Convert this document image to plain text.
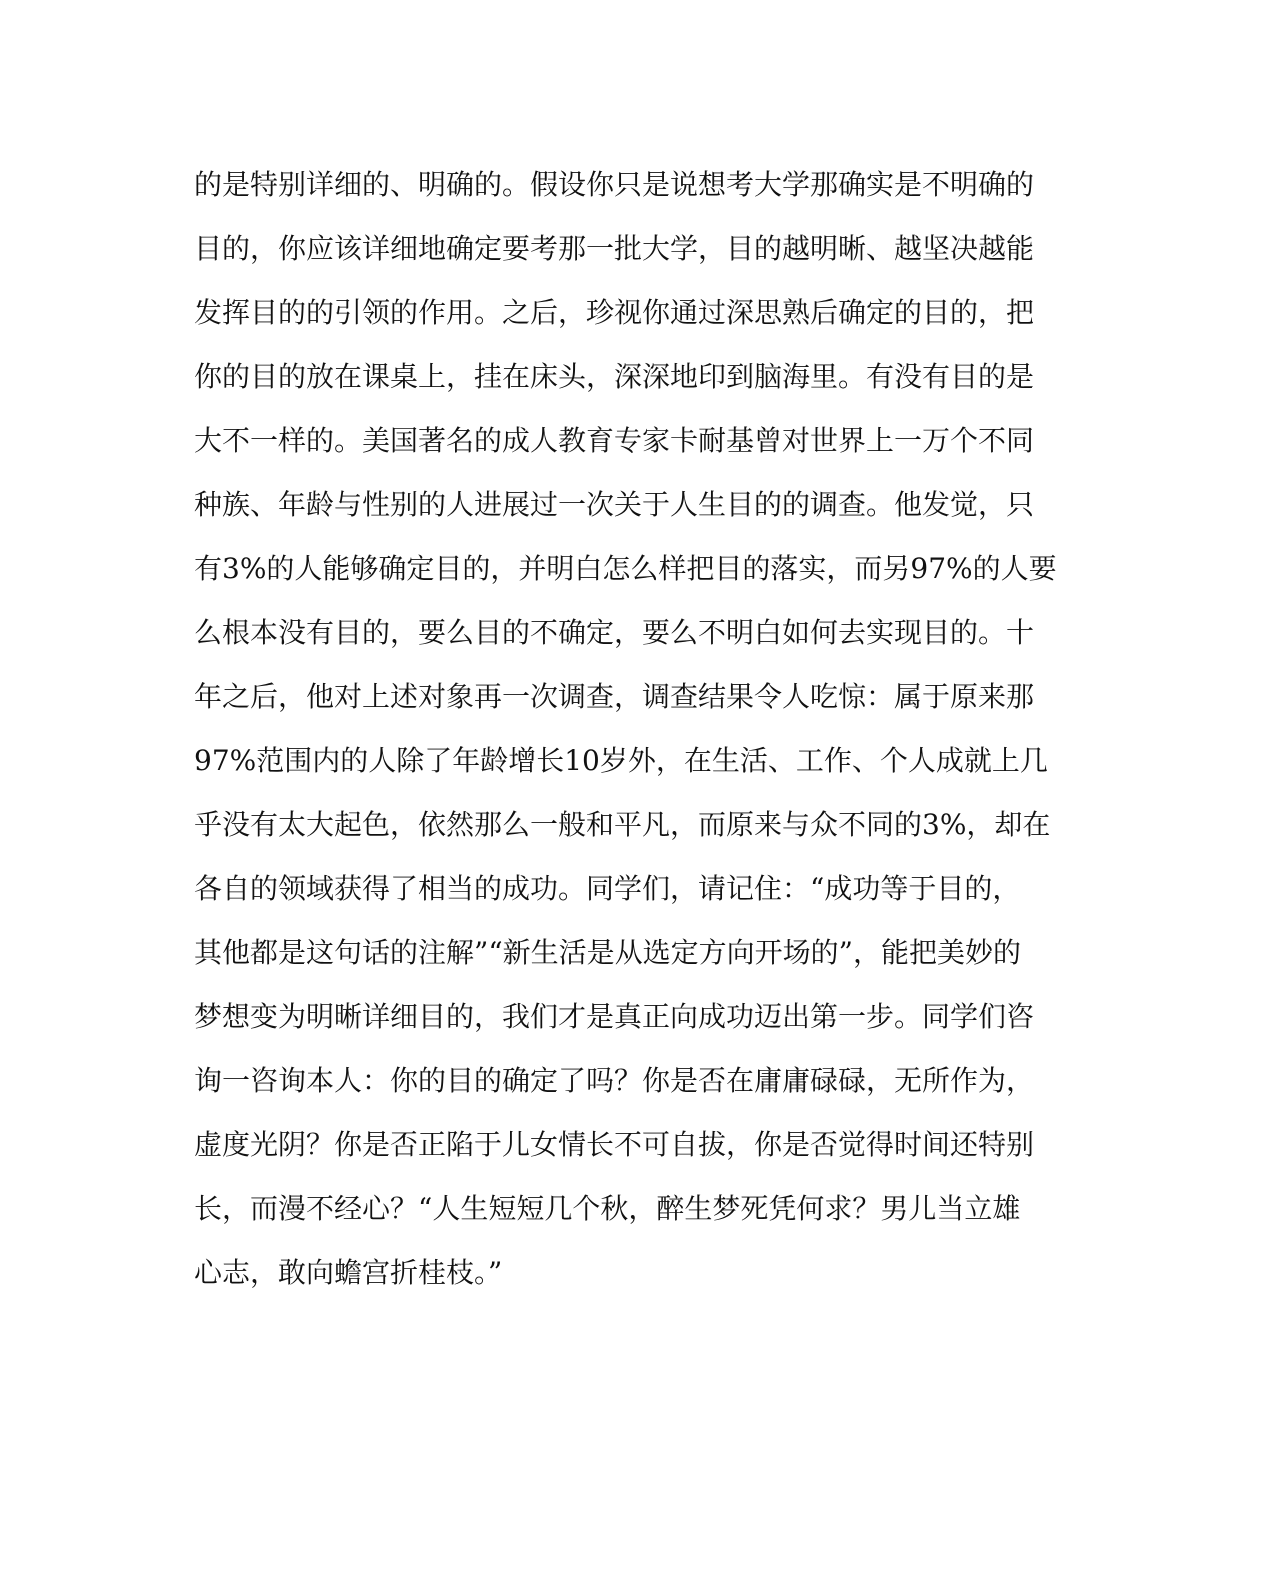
的是特别详细的、明确的。假设你只是说想考大学那确实是不明确的
目的，你应该详细地确定要考那一批大学，目的越明晰、越坚决越能
发挥目的的引领的作用。之后，珍视你通过深思熟后确定的目的，把
你的目的放在课桌上，挂在床头，深深地印到脑海里。有没有目的是
大不一样的。美国著名的成人教育专家卡耐基曾对世界上一万个不同
种族、年龄与性别的人进展过一次关于人生目的的调查。他发觉，只
有3%的人能够确定目的，并明白怎么样把目的落实，而另97%的人要
么根本没有目的，要么目的不确定，要么不明白如何去实现目的。十
年之后，他对上述对象再一次调查，调查结果令人吃惊：属于原来那
97%范围内的人除了年龄增长10岁外，在生活、工作、个人成就上几
乎没有太大起色，依然那么一般和平凡，而原来与众不同的3%，却在
各自的领域获得了相当的成功。同学们，请记住：“成功等于目的，
其他都是这句话的注解”“新生活是从选定方向开场的”，能把美妙的
梦想变为明晰详细目的，我们才是真正向成功迈出第一步。同学们咨
询一咨询本人：你的目的确定了吗？你是否在庸庸碌碌，无所作为，
虚度光阴？你是否正陷于儿女情长不可自拔，你是否觉得时间还特别
长，而漫不经心？“人生短短几个秋，醉生梦死凭何求？男儿当立雄
心志，敢向蟾宫折桂枝。”
